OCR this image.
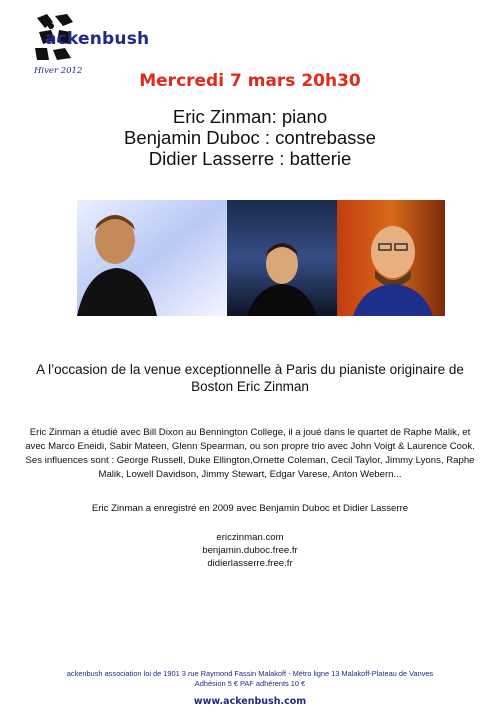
ackenbush
Hiver 2012	Mercredi 7 mars 20h30
Eric Zinman: piano
Benjamin Duboc : contrebasse
Didier Lasserre : batterie
A l’occasion de la venue exceptionnelle à Paris du pianiste originaire de Boston Eric Zinman
Eric Zinman a étudié avec Bill Dixon au Bennington College, il a joué dans le quartet de Raphe Malik, et avec Marco Eneidi, Sabir Mateen, Glenn Spearman, ou son propre trio avec John Voigt & Laurence Cook. Ses influences sont : George Russell, Duke Ellington,Ornette Coleman, Cecil Taylor, Jimmy Lyons, Raphe Malik, Lowell Davidson, Jimmy Stewart, Edgar Varese, Anton Webern...
Eric Zinman a enregistré en 2009 avec Benjamin Duboc et Didier Lasserre
ericzinman.com
benjamin.duboc.free.fr
didierlasserre.free.fr
ackenbush association loi de 1901 3 rue Raymond Fassin Malakoff - Métro ligne 13 Malakoff-Plateau de Vanves
Adhésion 5 € PAF adhérents 10 €
www.ackenbush.com
